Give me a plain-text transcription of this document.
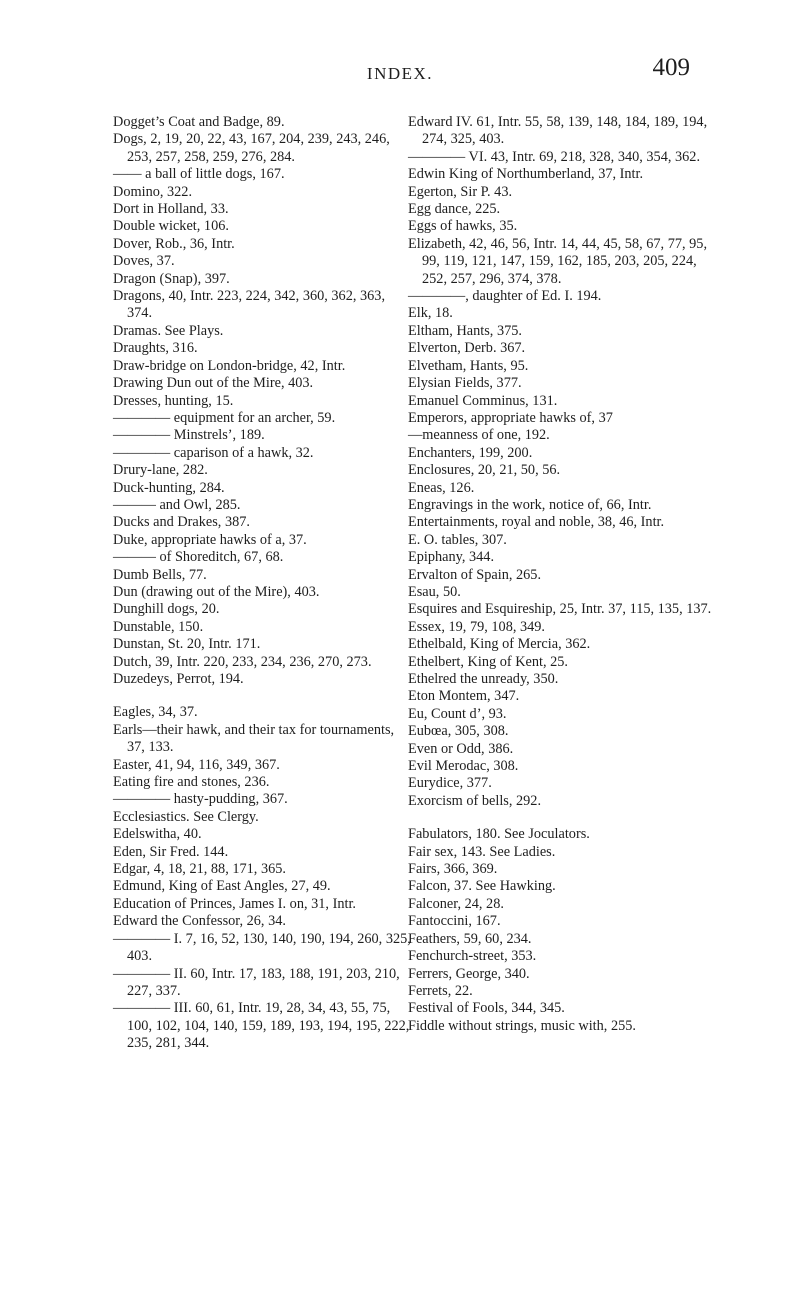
INDEX.	409
Dogget’s Coat and Badge, 89.
Dogs, 2, 19, 20, 22, 43, 167, 204, 239, 243, 246, 253, 257, 258, 259, 276, 284.
—— a ball of little dogs, 167.
Domino, 322.
Dort in Holland, 33.
Double wicket, 106.
Dover, Rob., 36, Intr.
Doves, 37.
Dragon (Snap), 397.
Dragons, 40, Intr. 223, 224, 342, 360, 362, 363, 374.
Dramas. See Plays.
Draughts, 316.
Draw-bridge on London-bridge, 42, Intr.
Drawing Dun out of the Mire, 403.
Dresses, hunting, 15.
———— equipment for an archer, 59.
———— Minstrels’, 189.
———— caparison of a hawk, 32.
Drury-lane, 282.
Duck-hunting, 284.
——— and Owl, 285.
Ducks and Drakes, 387.
Duke, appropriate hawks of a, 37.
——— of Shoreditch, 67, 68.
Dumb Bells, 77.
Dun (drawing out of the Mire), 403.
Dunghill dogs, 20.
Dunstable, 150.
Dunstan, St. 20, Intr. 171.
Dutch, 39, Intr. 220, 233, 234, 236, 270, 273.
Duzedeys, Perrot, 194.
Eagles, 34, 37.
Earls—their hawk, and their tax for tournaments, 37, 133.
Easter, 41, 94, 116, 349, 367.
Eating fire and stones, 236.
———— hasty-pudding, 367.
Ecclesiastics. See Clergy.
Edelswitha, 40.
Eden, Sir Fred. 144.
Edgar, 4, 18, 21, 88, 171, 365.
Edmund, King of East Angles, 27, 49.
Education of Princes, James I. on, 31, Intr.
Edward the Confessor, 26, 34.
———— I. 7, 16, 52, 130, 140, 190, 194, 260, 325, 403.
———— II. 60, Intr. 17, 183, 188, 191, 203, 210, 227, 337.
———— III. 60, 61, Intr. 19, 28, 34, 43, 55, 75, 100, 102, 104, 140, 159, 189, 193, 194, 195, 222, 235, 281, 344.
Edward IV. 61, Intr. 55, 58, 139, 148, 184, 189, 194, 274, 325, 403.
———— VI. 43, Intr. 69, 218, 328, 340, 354, 362.
Edwin King of Northumberland, 37, Intr.
Egerton, Sir P. 43.
Egg dance, 225.
Eggs of hawks, 35.
Elizabeth, 42, 46, 56, Intr. 14, 44, 45, 58, 67, 77, 95, 99, 119, 121, 147, 159, 162, 185, 203, 205, 224, 252, 257, 296, 374, 378.
————, daughter of Ed. I. 194.
Elk, 18.
Eltham, Hants, 375.
Elverton, Derb. 367.
Elvetham, Hants, 95.
Elysian Fields, 377.
Emanuel Comminus, 131.
Emperors, appropriate hawks of, 37
—meanness of one, 192.
Enchanters, 199, 200.
Enclosures, 20, 21, 50, 56.
Eneas, 126.
Engravings in the work, notice of, 66, Intr.
Entertainments, royal and noble, 38, 46, Intr.
E. O. tables, 307.
Epiphany, 344.
Ervalton of Spain, 265.
Esau, 50.
Esquires and Esquireship, 25, Intr. 37, 115, 135, 137.
Essex, 19, 79, 108, 349.
Ethelbald, King of Mercia, 362.
Ethelbert, King of Kent, 25.
Ethelred the unready, 350.
Eton Montem, 347.
Eu, Count d’, 93.
Eubœa, 305, 308.
Even or Odd, 386.
Evil Merodac, 308.
Eurydice, 377.
Exorcism of bells, 292.
Fabulators, 180. See Joculators.
Fair sex, 143. See Ladies.
Fairs, 366, 369.
Falcon, 37. See Hawking.
Falconer, 24, 28.
Fantoccini, 167.
Feathers, 59, 60, 234.
Fenchurch-street, 353.
Ferrers, George, 340.
Ferrets, 22.
Festival of Fools, 344, 345.
Fiddle without strings, music with, 255.
